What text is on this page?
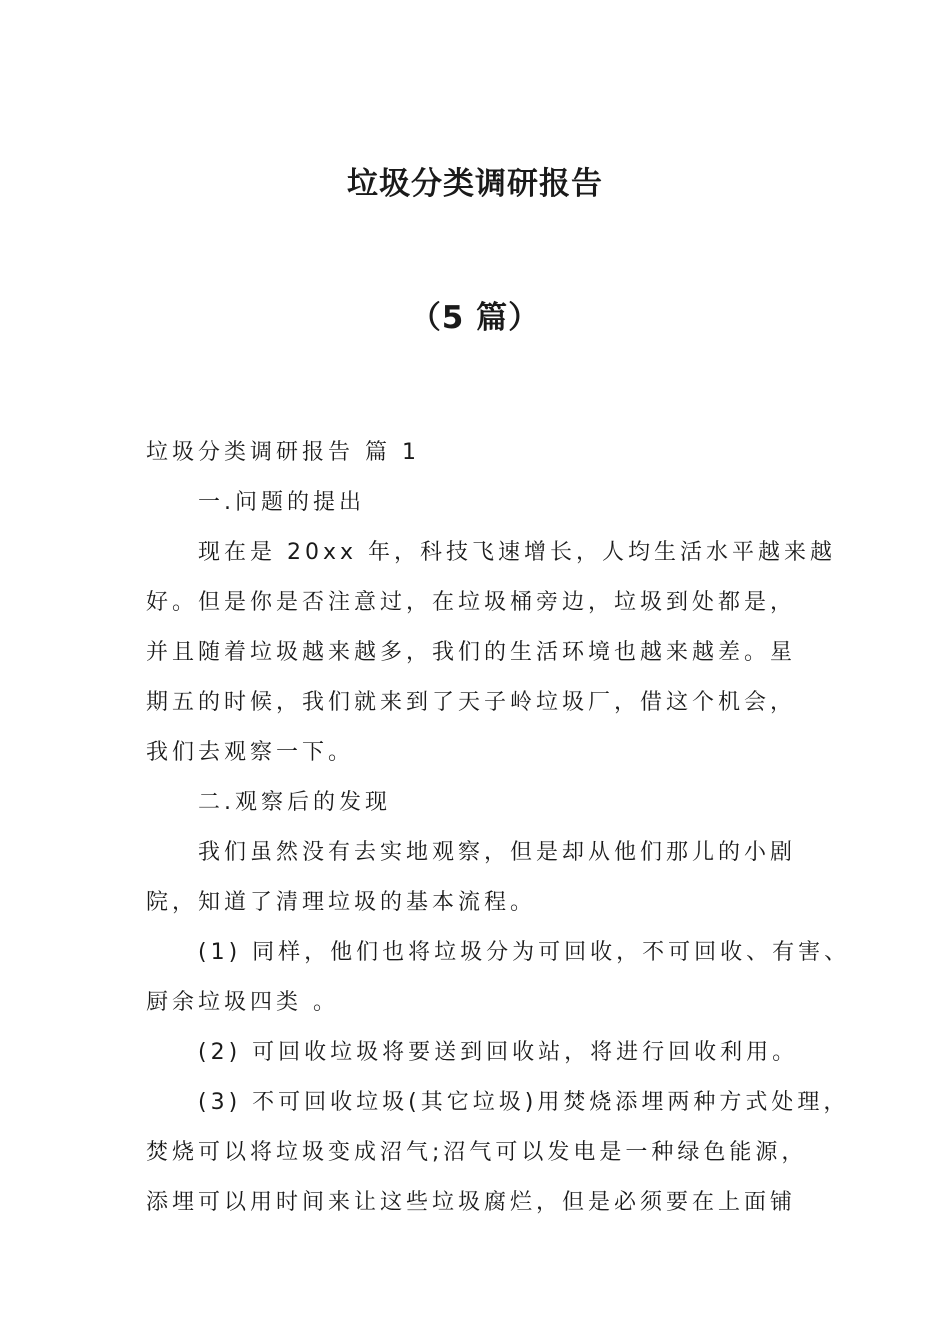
垃圾分类调研报告
（5 篇）

垃圾分类调研报告 篇 1

一.问题的提出

现在是 20xx 年，科技飞速增长，人均生活水平越来越

好。但是你是否注意过，在垃圾桶旁边，垃圾到处都是，

并且随着垃圾越来越多，我们的生活环境也越来越差。星

期五的时候，我们就来到了天子岭垃圾厂，借这个机会，

我们去观察一下。

二.观察后的发现

我们虽然没有去实地观察，但是却从他们那儿的小剧

院，知道了清理垃圾的基本流程。

(1) 同样，他们也将垃圾分为可回收，不可回收、有害、

厨余垃圾四类 。

(2) 可回收垃圾将要送到回收站，将进行回收利用。

(3) 不可回收垃圾(其它垃圾)用焚烧添埋两种方式处理，

焚烧可以将垃圾变成沼气;沼气可以发电是一种绿色能源，

添埋可以用时间来让这些垃圾腐烂，但是必须要在上面铺
